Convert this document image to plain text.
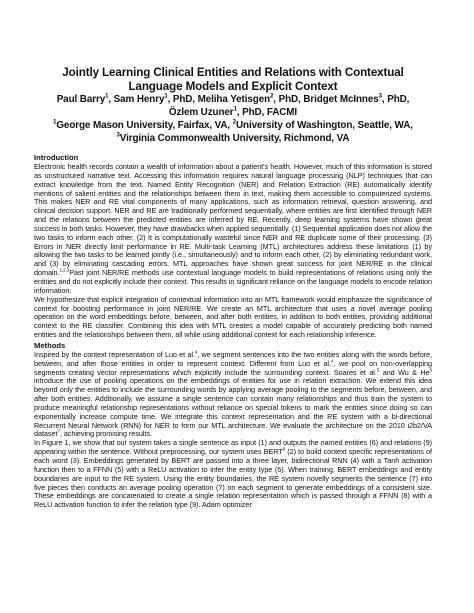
Jointly Learning Clinical Entities and Relations with Contextual
Language Models and Explicit Context
Paul Barry$^1$, Sam Henry$^1$, PhD, Meliha Yetisgen$^2$, PhD, Bridget McInnes$^3$, PhD,
Özlem Uzuner$^1$, PhD, FACMI
$^1$George Mason University, Fairfax, VA, $^2$University of Washington, Seattle, WA,
$^3$Virginia Commonwealth University, Richmond, VA
Introduction

Electronic health records contain a wealth of information about a patient's health. However, much of this information is stored as unstructured narrative text. Accessing this information requires natural language processing (NLP) techniques that can extract knowledge from the text. Named Entity Recognition (NER) and Relation Extraction (RE) automatically identify mentions of salient entities and the relationships between them in text, making them accessible to computerized systems. This makes NER and RE vital components of many applications, such as information retrieval, question answering, and clinical decision support. NER and RE are traditionally performed sequentially, where entities are first identified through NER and the relations between the predicted entities are inferred by RE. Recently, deep learning systems have shown great success in both tasks. However, they have drawbacks when applied sequentially. (1) Sequential application does not allow the two tasks to inform each other. (2) It is computationally wasteful since NER and RE duplicate some of their processing. (3) Errors in NER directly limit performance in RE. Multi-task Learning (MTL) architectures address these limitations (1) by allowing the two tasks to be learned jointly (i.e., simultaneously) and to inform each other, (2) by eliminating redundant work, and (3) by eliminating cascading errors. MTL approaches have shown great success for joint NER/RE in the clinical domain.$^{1,2,3}$Past joint NER/RE methods use contextual language models to build representations of relations using only the entities and do not explicitly include their context. This results in significant reliance on the language models to encode relation information.

We hypothesize that explicit integration of contextual information into an MTL framework would emphasize the significance of context for boosting performance in joint NER/RE. We create an MTL architecture that uses a novel average pooling operation on the word embeddings before, between, and after both entities, in addition to both entities, providing additional context to the RE classifier. Combining this idea with MTL creates a model capable of accurately predicting both named entities and the relationships between them, all while using additional context for each relationship inference.

Methods

Inspired by the context representation of Luo et al.$^4$, we segment sentences into the two entities along with the words before, between, and after those entities in order to represent context. Different from Luo et al.$^4$, we pool on non-overlapping segments creating vector representations which explicitly include the surrounding context. Soares et al.$^5$ and Wu & He$^6$ introduce the use of pooling operations on the embeddings of entities for use in relation extraction. We extend this idea beyond only the entities to include the surrounding words by applying average pooling to the segments before, between, and after both entities. Additionally, we assume a single sentence can contain many relationships and thus train the system to produce meaningful relationship representations without reliance on special tokens to mark the entities since doing so can exponentially increase compute time. We integrate this context representation and the RE system with a bi-directional Recurrent Neural Network (RNN) for NER to form our MTL architecture. We evaluate the architecture on the 2010 i2b2/VA dataset$^7$, achieving promising results.

In Figure 1, we show that our system takes a single sentence as input (1) and outputs the named entities (6) and relations (9) appearing within the sentence. Without preprocessing, our system uses BERT$^8$ (2) to build context specific representations of each word (3). Embeddings generated by BERT are passed into a three layer, bidirectional RNN (4) with a Tanh activation function then to a FFNN (5) with a ReLU activation to infer the entity type (6). When training, BERT embeddings and entity boundaries are input to the RE system. Using the entity boundaries, the RE system novelly segments the sentence (7) into five pieces then conducts an average pooling operation (7) on each segment to generate embeddings of a consistent size. These embeddings are concatenated to create a single relation representation which is passed through a FFNN (8) with a ReLU activation function to infer the relation type (9). Adam optimizer
